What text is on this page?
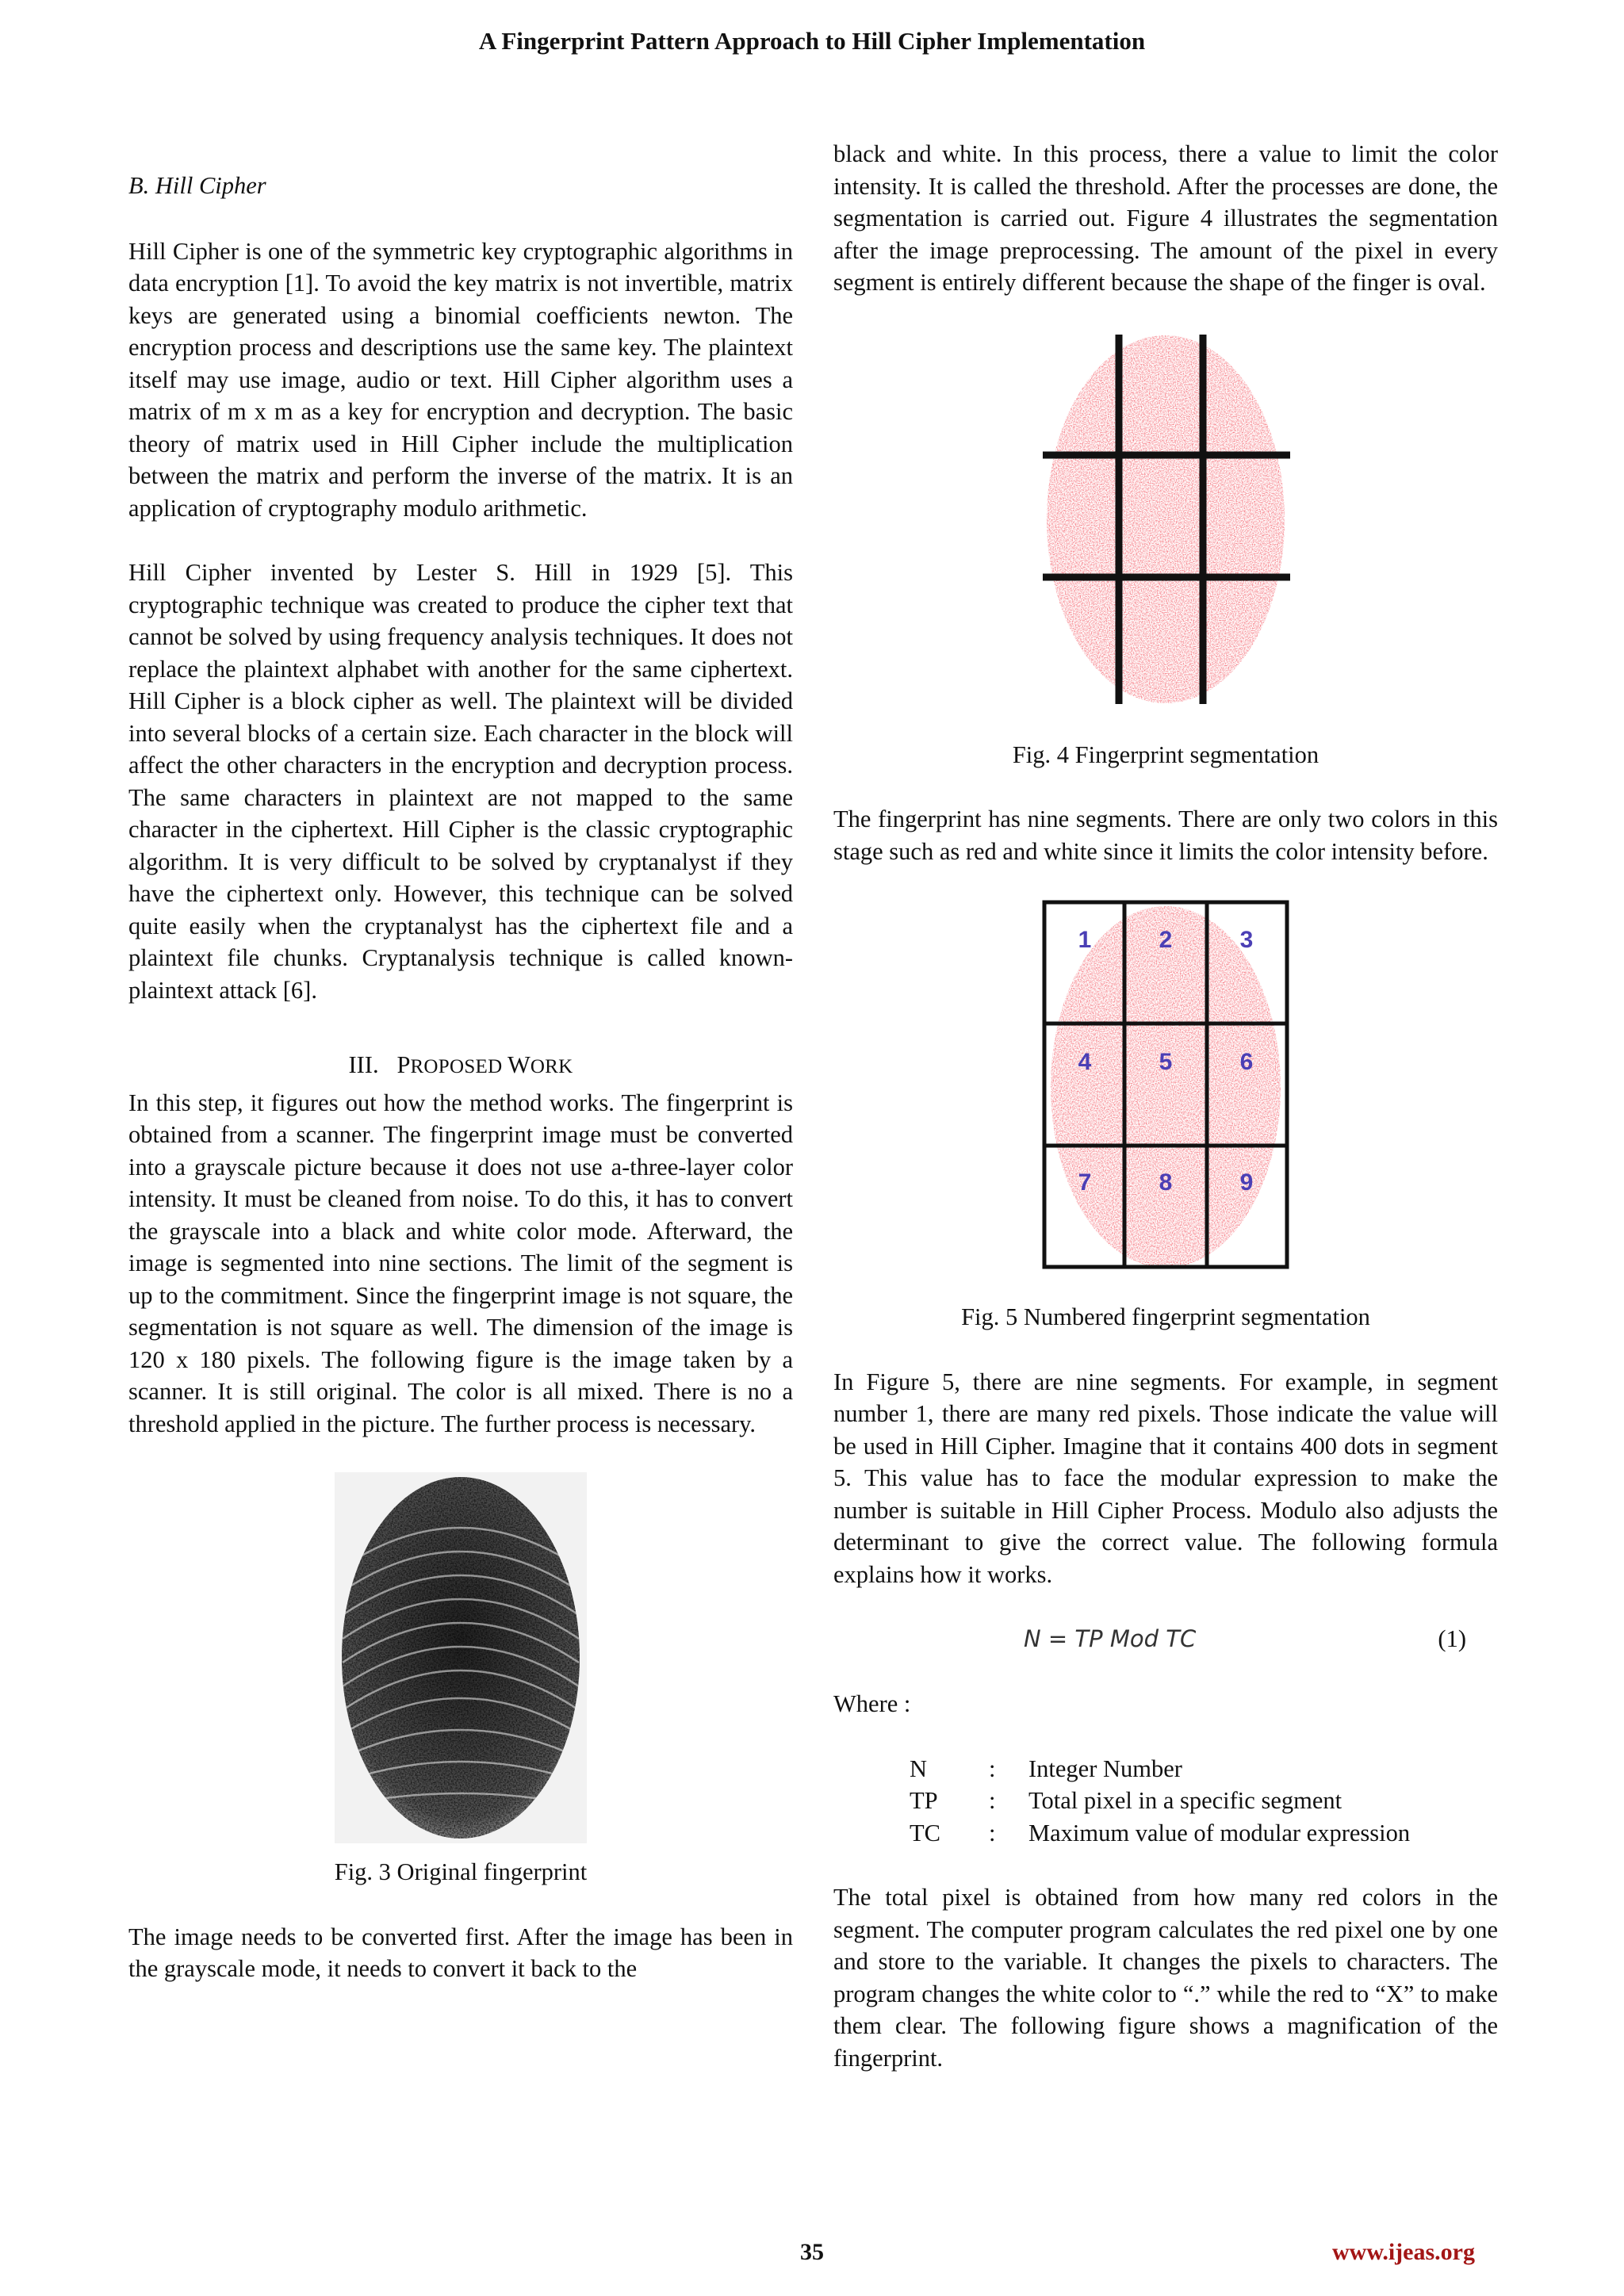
A Fingerprint Pattern Approach to Hill Cipher Implementation
B. Hill Cipher

Hill Cipher is one of the symmetric key cryptographic algorithms in data encryption [1]. To avoid the key matrix is not invertible, matrix keys are generated using a binomial coefficients newton. The encryption process and descriptions use the same key. The plaintext itself may use image, audio or text. Hill Cipher algorithm uses a matrix of m x m as a key for encryption and decryption. The basic theory of matrix used in Hill Cipher include the multiplication between the matrix and perform the inverse of the matrix. It is an application of cryptography modulo arithmetic.

Hill Cipher invented by Lester S. Hill in 1929 [5]. This cryptographic technique was created to produce the cipher text that cannot be solved by using frequency analysis techniques. It does not replace the plaintext alphabet with another for the same ciphertext. Hill Cipher is a block cipher as well. The plaintext will be divided into several blocks of a certain size. Each character in the block will affect the other characters in the encryption and decryption process. The same characters in plaintext are not mapped to the same character in the ciphertext. Hill Cipher is the classic cryptographic algorithm. It is very difficult to be solved by cryptanalyst if they have the ciphertext only. However, this technique can be solved quite easily when the cryptanalyst has the ciphertext file and a plaintext file chunks. Cryptanalysis technique is called known-plaintext attack [6].

III. PROPOSED WORK

In this step, it figures out how the method works. The fingerprint is obtained from a scanner. The fingerprint image must be converted into a grayscale picture because it does not use a-three-layer color intensity. It must be cleaned from noise. To do this, it has to convert the grayscale into a black and white color mode. Afterward, the image is segmented into nine sections. The limit of the segment is up to the commitment. Since the fingerprint image is not square, the segmentation is not square as well. The dimension of the image is 120 x 180 pixels. The following figure is the image taken by a scanner. It is still original. The color is all mixed. There is no a threshold applied in the picture. The further process is necessary.

Fig. 3 Original fingerprint

The image needs to be converted first. After the image has been in the grayscale mode, it needs to convert it back to the

black and white. In this process, there a value to limit the color intensity. It is called the threshold. After the processes are done, the segmentation is carried out. Figure 4 illustrates the segmentation after the image preprocessing. The amount of the pixel in every segment is entirely different because the shape of the finger is oval.

Fig. 4 Fingerprint segmentation

The fingerprint has nine segments. There are only two colors in this stage such as red and white since it limits the color intensity before.

1	2	3
4	5	6
7	8	9
Fig. 5 Numbered fingerprint segmentation

In Figure 5, there are nine segments. For example, in segment number 1, there are many red pixels. Those indicate the value will be used in Hill Cipher. Imagine that it contains 400 dots in segment 5. This value has to face the modular expression to make the number is suitable in Hill Cipher Process. Modulo also adjusts the determinant to give the correct value. The following formula explains how it works.

N = TP Mod TC	(1)

Where :

N	:	Integer Number
TP	:	Total pixel in a specific segment
TC	:	Maximum value of modular expression

The total pixel is obtained from how many red colors in the segment. The computer program calculates the red pixel one by one and store to the variable. It changes the pixels to characters. The program changes the white color to “.” while the red to “X” to make them clear. The following figure shows a magnification of the fingerprint.

35	www.ijeas.org
